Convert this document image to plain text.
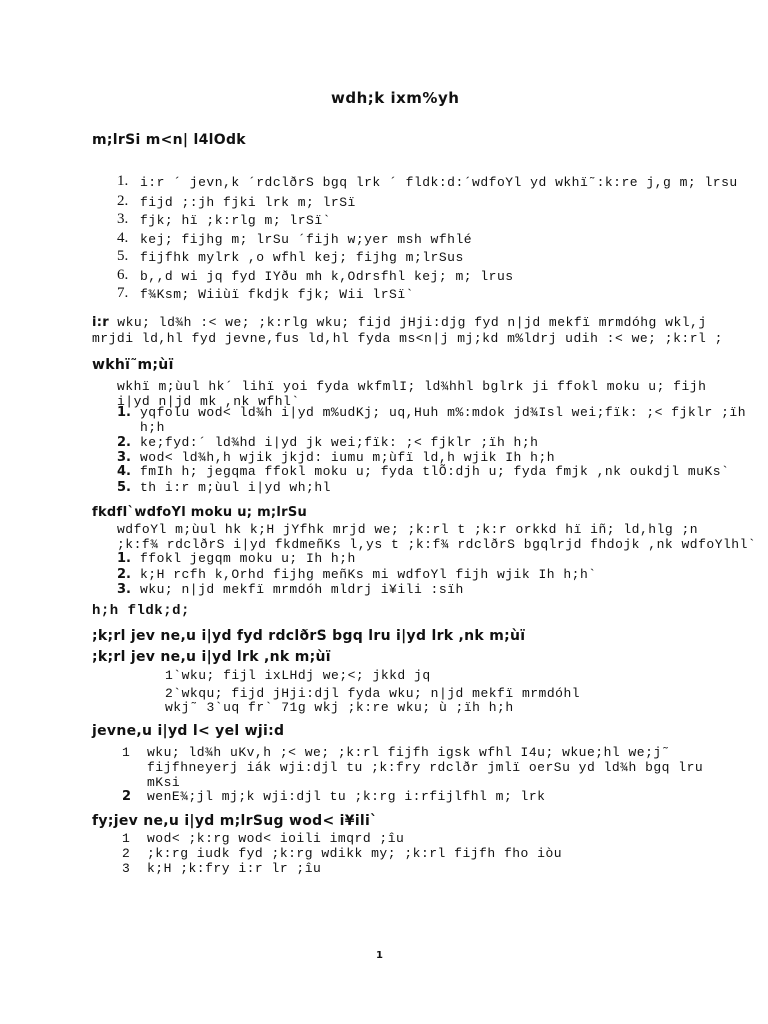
wdh;k ixm%yh
m;lrSi m<n| l4lOdk
1. i:r ´ jevn,k ´rdclðrS bgq lrk ´ fldk:d:´wdfoYl yd wkhï˜:k:re j,g m; lrsu
2. fijd ;:jh fjki lrk m; lrSï
3. fjk; hï ;k:rlg m; lrSï`
4. kej; fijhg m; lrSu ´fijh w;yer msh wfhlé
5. fijfhk mylrk ,o wfhl kej; fijhg m;lrSus
6. b,,d wi jq fyd IYðu mh k,Odrsfhl kej; m; lrus
7. f¾Ksm; Wiiùï fkdjk fjk; Wii lrSï`
i:r wku; ld¾h :< we; ;k:rlg wku; fijd jHji:djg fyd n|jd mekfï mrmdóhg wkl,j
mrjdi ld,hl fyd jevne,fus ld,hl fyda ms<n|j mj;kd m%ldrj udih :< we; ;k:rl ;
wkhï˜m;ùï
wkhï m;ùul hk´ lihï yoi fyda wkfmlI; ld¾hhl bglrk ji ffokl moku u; fijh
i|yd n|jd mk ,nk wfhl`
1. yqfolu wod< ld¾h i|yd m%udKj; uq,Huh m%:mdok jd¾Isl wei;fïk: ;< fjklr ;ïh
h;h
2. ke;fyd:´ ld¾hd i|yd jk wei;fïk: ;< fjklr ;ïh h;h
3. wod< ld¾h,h wjik jkjd: iumu m;ùfï ld,h wjik Ih h;h
4. fmIh h; jegqma ffokl moku u; fyda tlÕ:djh u; fyda fmjk ,nk oukdjl muKs`
5. th i:r m;ùul i|yd wh;hl
fkdfI`wdfoYl moku u; m;lrSu
wdfoYl m;ùul hk k;H jYfhk mrjd we; ;k:rl t ;k:r orkkd hï iñ; ld,hlg ;n
;k:f¾ rdclðrS i|yd fkdmeñKs l,ys t ;k:f¾ rdclðrS bgqlrjd fhdojk ,nk wdfoYlhl`
1. ffokl jegqm moku u; Ih h;h
2. k;H rcfh k,Orhd fijhg meñKs mi wdfoYl fijh wjik Ih h;h`
3. wku; n|jd mekfï mrmdóh mldrj i¥ili :sïh
h;h fldk;d;
;k;rl jev ne,u i|yd fyd rdclðrS bgq lru i|yd lrk ,nk m;ùï
;k;rl jev ne,u i|yd lrk ,nk m;ùï
1`wku; fijl ixLHdj we;<; jkkd jq
2`wkqu; fijd jHji:djl fyda wku; n|jd mekfï mrmdóhl
wkj˜ 3`uq fr` 71g wkj ;k:re wku; ù ;ïh h;h
jevne,u i|yd l< yel wji:d
1 wku; ld¾h uKv,h ;< we; ;k:rl fijfh igsk wfhl I4u; wkue;hl we;j˜
fijfhneyerj iák wji:djl tu ;k:fry rdclðr jmlï oerSu yd ld¾h bgq lru
mKsi
2 wenE¾;jl mj;k wji:djl tu ;k:rg i:rfijlfhl m; lrk
fy;jev ne,u i|yd m;lrSug wod< i¥ili`
1 wod< ;k:rg wod< ioili imqrd ;îu
2 ;k:rg iudk fyd ;k:rg wdikk my; ;k:rl fijfh fho iòu
3 k;H ;k:fry i:r lr ;îu
1
